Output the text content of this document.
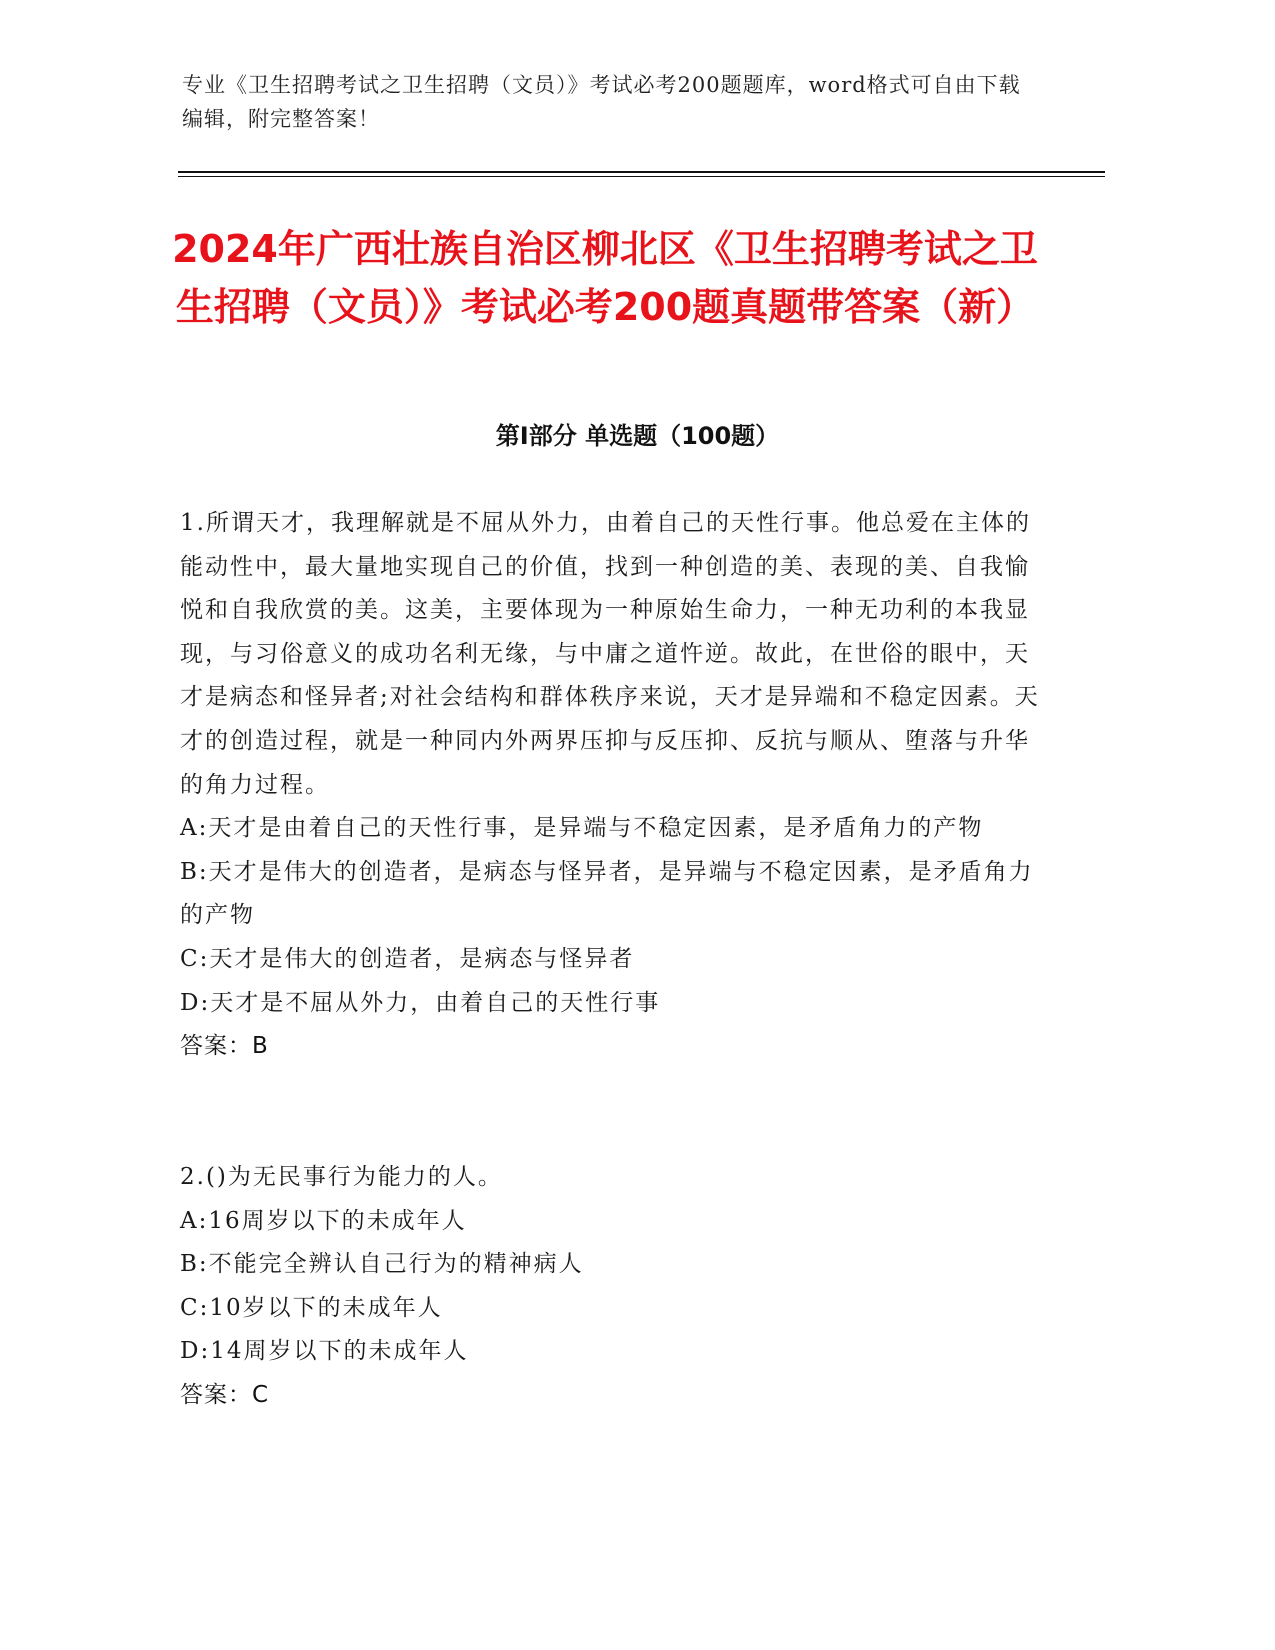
专业《卫生招聘考试之卫生招聘（文员）》考试必考200题题库，word格式可自由下载编辑，附完整答案！
2024年广西壮族自治区柳北区《卫生招聘考试之卫生招聘（文员）》考试必考200题真题带答案（新）
第I部分 单选题（100题）

1.所谓天才，我理解就是不屈从外力，由着自己的天性行事。他总爱在主体的能动性中，最大量地实现自己的价值，找到一种创造的美、表现的美、自我愉悦和自我欣赏的美。这美，主要体现为一种原始生命力，一种无功利的本我显现，与习俗意义的成功名利无缘，与中庸之道忤逆。故此，在世俗的眼中，天才是病态和怪异者;对社会结构和群体秩序来说，天才是异端和不稳定因素。天才的创造过程，就是一种同内外两界压抑与反压抑、反抗与顺从、堕落与升华的角力过程。

A:天才是由着自己的天性行事，是异端与不稳定因素，是矛盾角力的产物

B:天才是伟大的创造者，是病态与怪异者，是异端与不稳定因素，是矛盾角力的产物

C:天才是伟大的创造者，是病态与怪异者

D:天才是不屈从外力，由着自己的天性行事

答案：B

2.()为无民事行为能力的人。

A:16周岁以下的未成年人

B:不能完全辨认自己行为的精神病人

C:10岁以下的未成年人

D:14周岁以下的未成年人

答案：C
